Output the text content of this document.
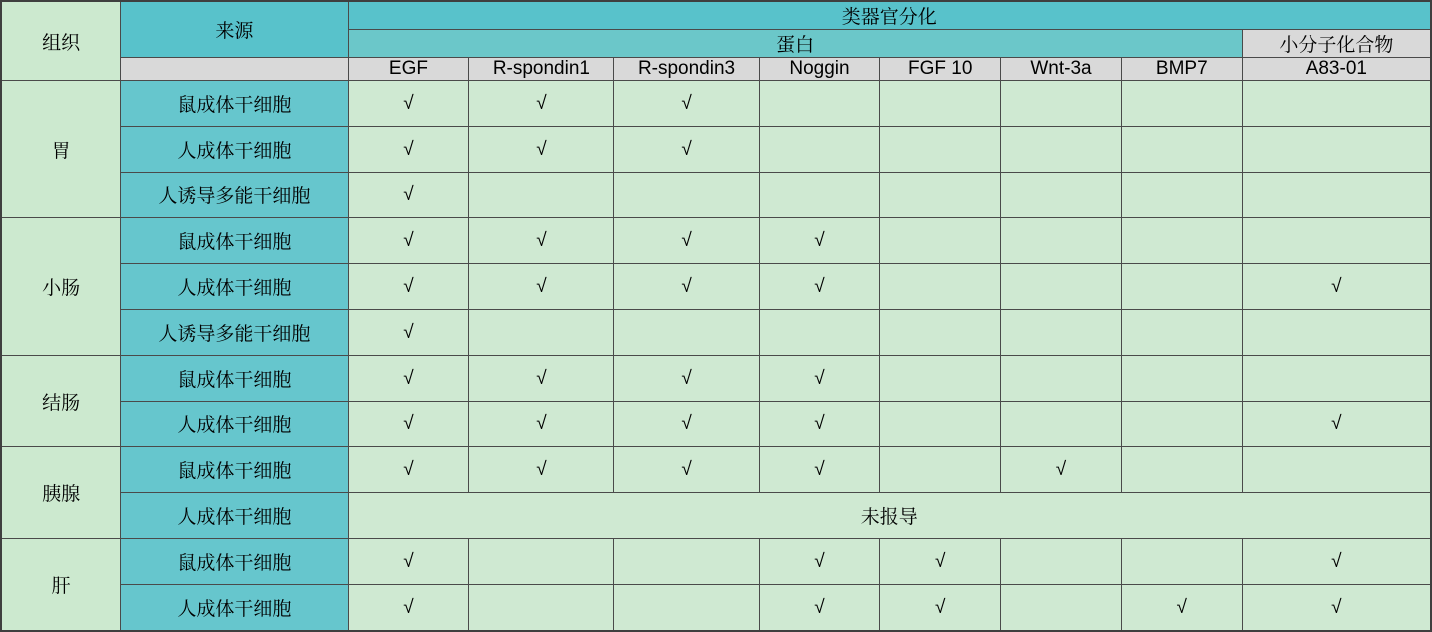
组织	来源	类器官分化							
		蛋白							小分子化合物
		EGF	R-spondin1	R-spondin3	Noggin	FGF 10	Wnt-3a	BMP7	A83-01
胃	鼠成体干细胞	√	√	√					
	人成体干细胞	√	√	√					
	人诱导多能干细胞	√							
小肠	鼠成体干细胞	√	√	√	√				
	人成体干细胞	√	√	√	√				√
	人诱导多能干细胞	√							
结肠	鼠成体干细胞	√	√	√	√				
	人成体干细胞	√	√	√	√				√
胰腺	鼠成体干细胞	√	√	√	√		√		
	人成体干细胞	未报导							
肝	鼠成体干细胞	√			√	√			√
	人成体干细胞	√			√	√		√	√
